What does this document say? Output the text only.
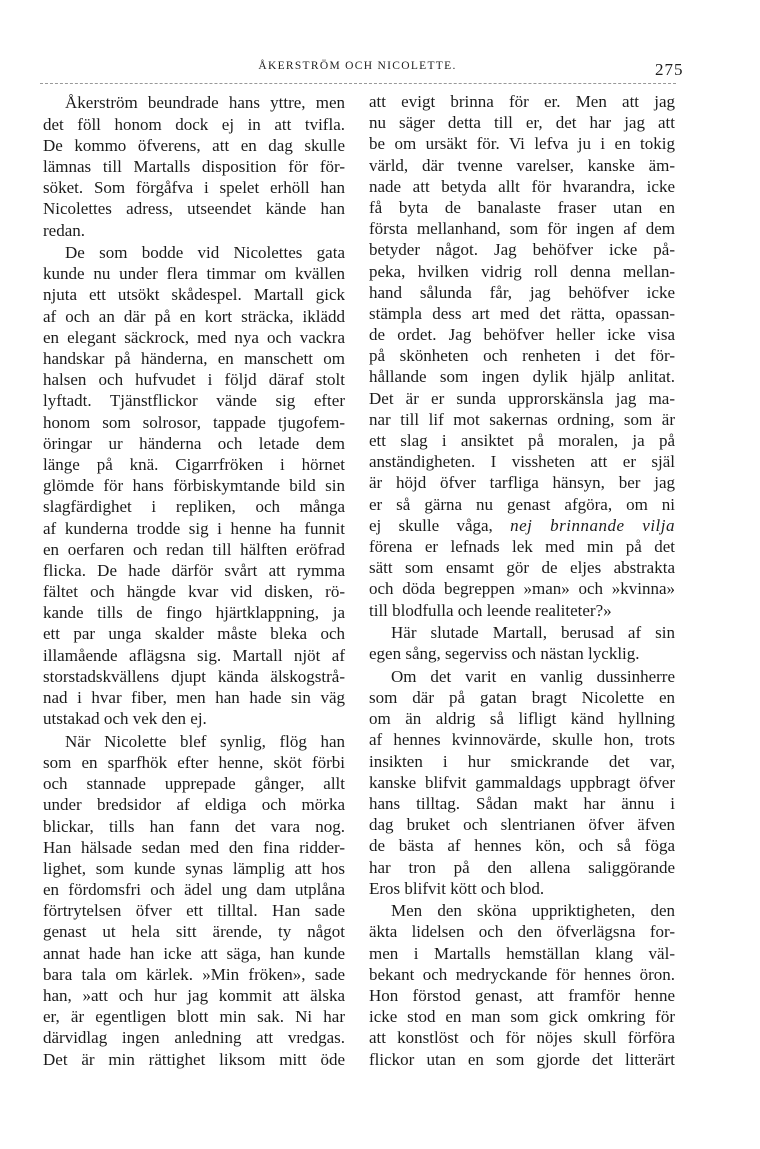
ÅKERSTRÖM OCH NICOLETTE.	275
Åkerström beundrade hans yttre, men
det föll honom dock ej in att tvifla.
De kommo öfverens, att en dag skulle
lämnas till Martalls disposition för för-
söket. Som förgåfva i spelet erhöll han
Nicolettes adress, utseendet kände han
redan.
De som bodde vid Nicolettes gata
kunde nu under flera timmar om kvällen
njuta ett utsökt skådespel. Martall gick
af och an där på en kort sträcka, iklädd
en elegant säckrock, med nya och vackra
handskar på händerna, en manschett om
halsen och hufvudet i följd däraf stolt
lyftadt. Tjänstflickor vände sig efter
honom som solrosor, tappade tjugofem-
öringar ur händerna och letade dem
länge på knä. Cigarrfröken i hörnet
glömde för hans förbiskymtande bild sin
slagfärdighet i repliken, och många
af kunderna trodde sig i henne ha funnit
en oerfaren och redan till hälften eröfrad
flicka. De hade därför svårt att rymma
fältet och hängde kvar vid disken, rö-
kande tills de fingo hjärtklappning, ja
ett par unga skalder måste bleka och
illamående aflägsna sig. Martall njöt af
storstadskvällens djupt kända älskogstrå-
nad i hvar fiber, men han hade sin väg
utstakad och vek den ej.
När Nicolette blef synlig, flög han
som en sparfhök efter henne, sköt förbi
och stannade upprepade gånger, allt
under bredsidor af eldiga och mörka
blickar, tills han fann det vara nog.
Han hälsade sedan med den fina ridder-
lighet, som kunde synas lämplig att hos
en fördomsfri och ädel ung dam utplåna
förtrytelsen öfver ett tilltal. Han sade
genast ut hela sitt ärende, ty något
annat hade han icke att säga, han kunde
bara tala om kärlek. »Min fröken», sade
han, »att och hur jag kommit att älska
er, är egentligen blott min sak. Ni har
därvidlag ingen anledning att vredgas.
Det är min rättighet liksom mitt öde
att evigt brinna för er. Men att jag
nu säger detta till er, det har jag att
be om ursäkt för. Vi lefva ju i en tokig
värld, där tvenne varelser, kanske äm-
nade att betyda allt för hvarandra, icke
få byta de banalaste fraser utan en
första mellanhand, som för ingen af dem
betyder något. Jag behöfver icke på-
peka, hvilken vidrig roll denna mellan-
hand sålunda får, jag behöfver icke
stämpla dess art med det rätta, opassan-
de ordet. Jag behöfver heller icke visa
på skönheten och renheten i det för-
hållande som ingen dylik hjälp anlitat.
Det är er sunda upprorskänsla jag ma-
nar till lif mot sakernas ordning, som är
ett slag i ansiktet på moralen, ja på
anständigheten. I vissheten att er själ
är höjd öfver tarfliga hänsyn, ber jag
er så gärna nu genast afgöra, om ni
ej skulle våga, nej brinnande vilja
förena er lefnads lek med min på det
sätt som ensamt gör de eljes abstrakta
och döda begreppen »man» och »kvinna»
till blodfulla och leende realiteter?»
Här slutade Martall, berusad af sin
egen sång, segerviss och nästan lycklig.
Om det varit en vanlig dussinherre
som där på gatan bragt Nicolette en
om än aldrig så lifligt känd hyllning
af hennes kvinnovärde, skulle hon, trots
insikten i hur smickrande det var,
kanske blifvit gammaldags uppbragt öfver
hans tilltag. Sådan makt har ännu i
dag bruket och slentrianen öfver äfven
de bästa af hennes kön, och så föga
har tron på den allena saliggörande
Eros blifvit kött och blod.
Men den sköna uppriktigheten, den
äkta lidelsen och den öfverlägsna for-
men i Martalls hemställan klang väl-
bekant och medryckande för hennes öron.
Hon förstod genast, att framför henne
icke stod en man som gick omkring för
att konstlöst och för nöjes skull förföra
flickor utan en som gjorde det litterärt
